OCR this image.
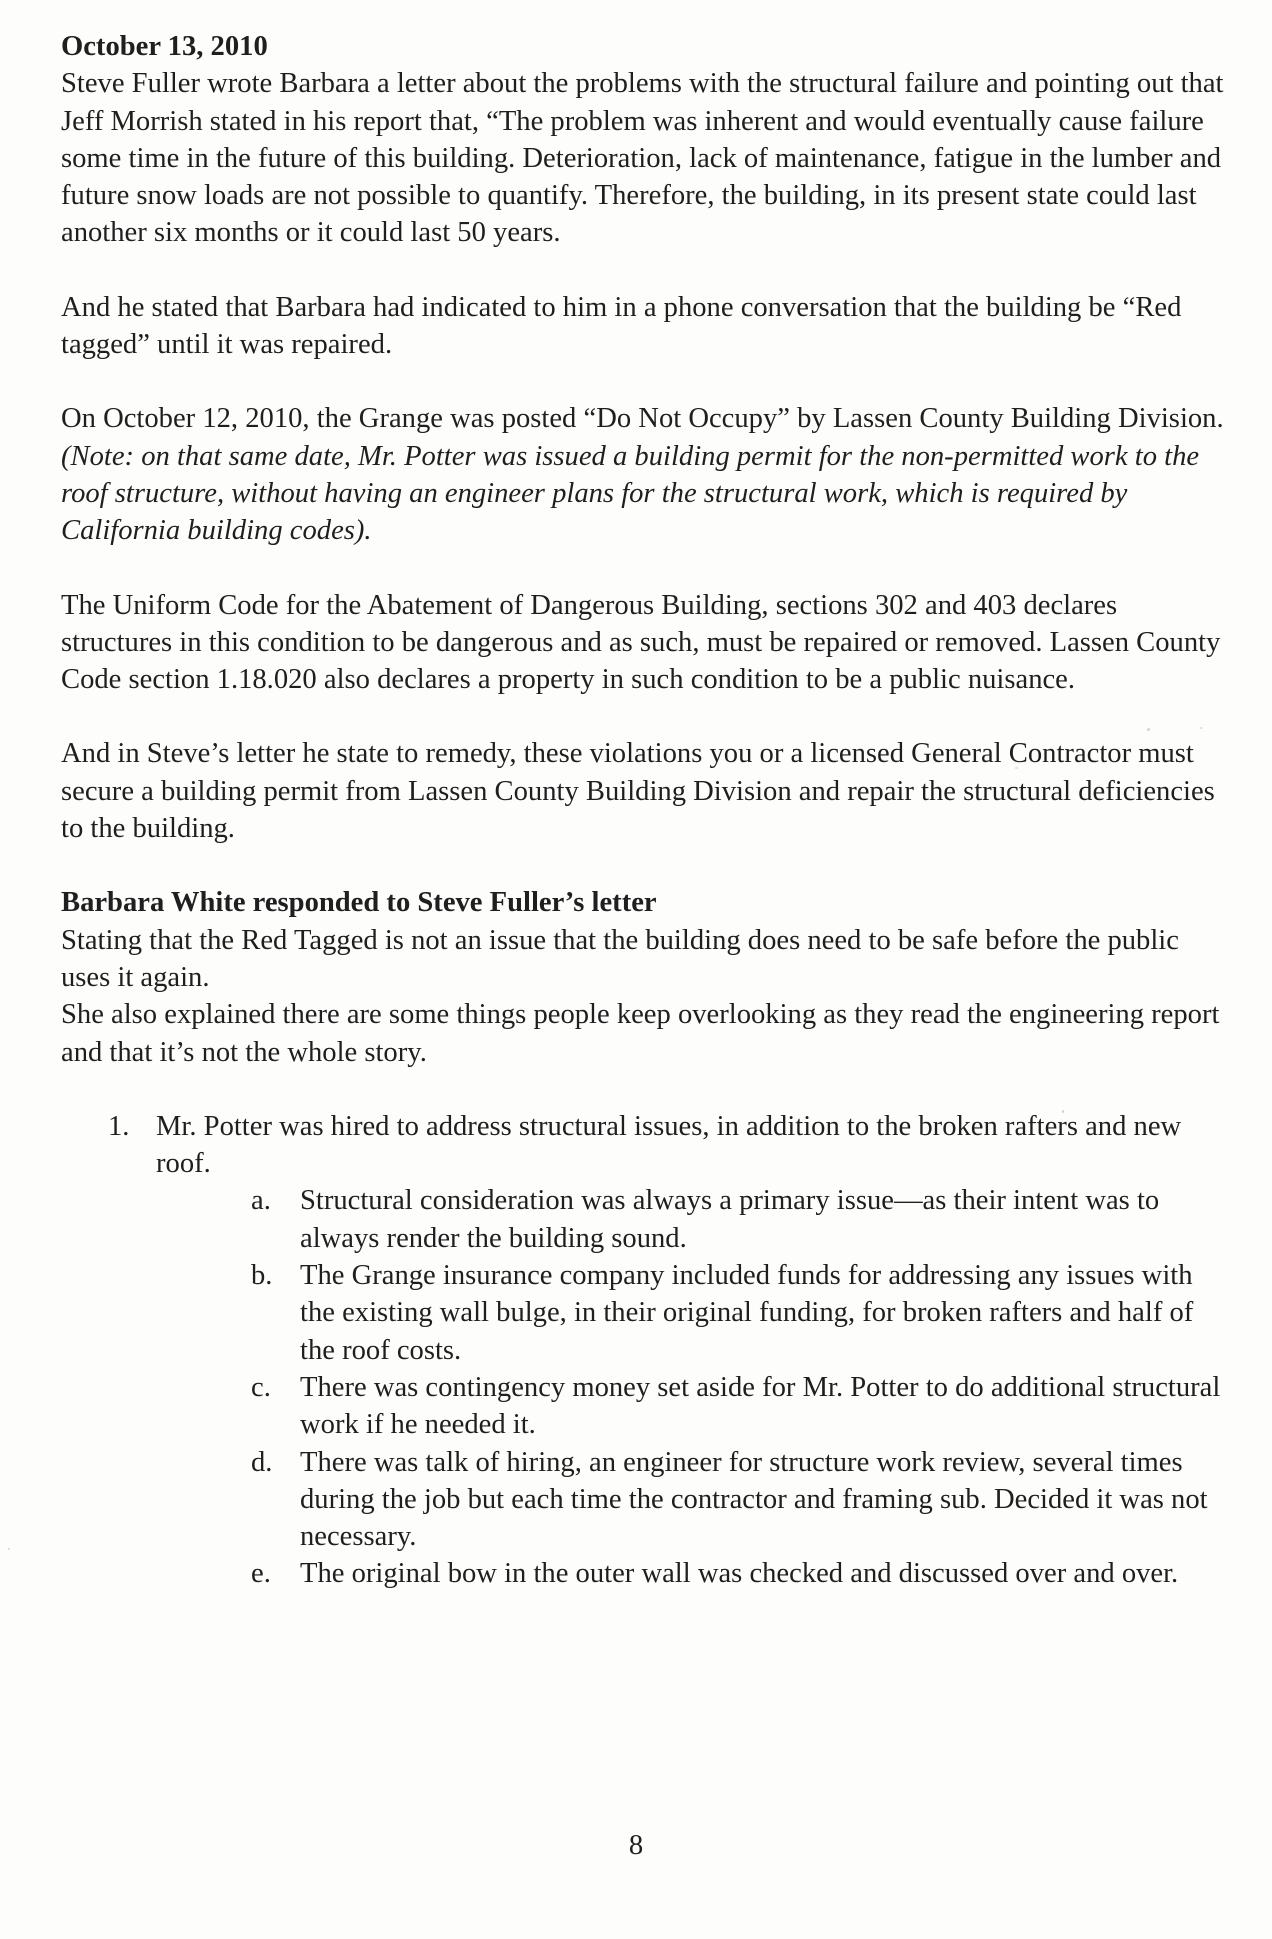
October 13, 2010

Steve Fuller wrote Barbara a letter about the problems with the structural failure and pointing out that Jeff Morrish stated in his report that, “The problem was inherent and would eventually cause failure some time in the future of this building. Deterioration, lack of maintenance, fatigue in the lumber and future snow loads are not possible to quantify. Therefore, the building, in its present state could last another six months or it could last 50 years.

And he stated that Barbara had indicated to him in a phone conversation that the building be “Red tagged” until it was repaired.

On October 12, 2010, the Grange was posted “Do Not Occupy” by Lassen County Building Division. (Note: on that same date, Mr. Potter was issued a building permit for the non-permitted work to the roof structure, without having an engineer plans for the structural work, which is required by California building codes).

The Uniform Code for the Abatement of Dangerous Building, sections 302 and 403 declares structures in this condition to be dangerous and as such, must be repaired or removed. Lassen County Code section 1.18.020 also declares a property in such condition to be a public nuisance.

And in Steve’s letter he state to remedy, these violations you or a licensed General Contractor must secure a building permit from Lassen County Building Division and repair the structural deficiencies to the building.

Barbara White responded to Steve Fuller’s letter

Stating that the Red Tagged is not an issue that the building does need to be safe before the public uses it again.

She also explained there are some things people keep overlooking as they read the engineering report and that it’s not the whole story.

1. Mr. Potter was hired to address structural issues, in addition to the broken rafters and new roof.
a. Structural consideration was always a primary issue—as their intent was to always render the building sound.
b. The Grange insurance company included funds for addressing any issues with the existing wall bulge, in their original funding, for broken rafters and half of the roof costs.
c. There was contingency money set aside for Mr. Potter to do additional structural work if he needed it.
d. There was talk of hiring, an engineer for structure work review, several times during the job but each time the contractor and framing sub. Decided it was not necessary.
e. The original bow in the outer wall was checked and discussed over and over.
8
